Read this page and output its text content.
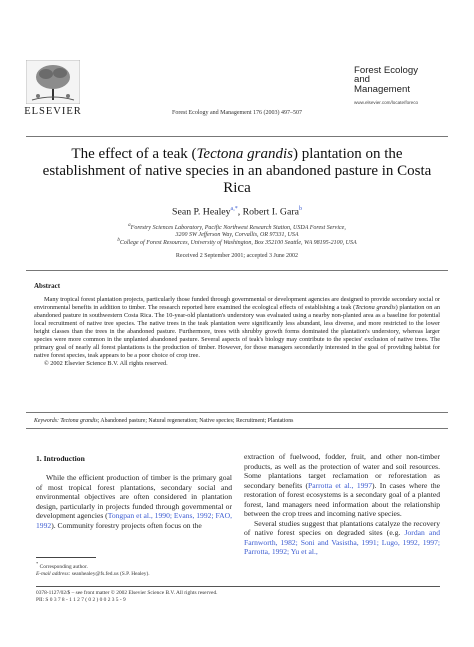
ELSEVIER
Forest Ecology
and
Management
www.elsevier.com/locate/foreco
Forest Ecology and Management 176 (2003) 497–507
The effect of a teak (Tectona grandis) plantation on the establishment of native species in an abandoned pasture in Costa Rica
Sean P. Healey$^{a,*}$, Robert I. Gara$^b$
$^a$Forestry Sciences Laboratory, Pacific Northwest Research Station, USDA Forest Service,
3200 SW Jefferson Way, Corvallis, OR 97331, USA
$^b$College of Forest Resources, University of Washington, Box 352100 Seattle, WA 98195-2100, USA
Received 2 September 2001; accepted 3 June 2002
Abstract
Many tropical forest plantation projects, particularly those funded through governmental or development agencies are designed to provide secondary social or environmental benefits in addition to timber. The research reported here examined the ecological effects of establishing a teak (Tectona grandis) plantation on an abandoned pasture in southwestern Costa Rica. The 10-year-old plantation's understory was evaluated using a nearby non-planted area as a baseline for potential local recruitment of native tree species. The native trees in the teak plantation were significantly less abundant, less diverse, and more restricted to the lower height classes than the trees in the abandoned pasture. Furthermore, trees with shrubby growth forms dominated the plantation's understory, whereas larger species were more common in the unplanted abandoned pasture. Several aspects of teak's biology may contribute to the species' exclusion of native trees. The primary goal of nearly all forest plantations is the production of timber. However, for those managers secondarily interested in the goal of providing habitat for native forest species, teak appears to be a poor choice of crop tree.
© 2002 Elsevier Science B.V. All rights reserved.
Keywords: Tectona grandis; Abandoned pasture; Natural regeneration; Native species; Recruitment; Plantations
1. Introduction
While the efficient production of timber is the primary goal of most tropical forest plantations, secondary social and environmental objectives are often considered in plantation design, particularly in projects funded through governmental or development agencies (Tongpan et al., 1990; Evans, 1992; FAO, 1992). Community forestry projects often focus on the
extraction of fuelwood, fodder, fruit, and other non-timber products, as well as the protection of water and soil resources. Some plantations target reclamation or reforestation as secondary benefits (Parrotta et al., 1997). In cases where the restoration of forest ecosystems is a secondary goal of a planted forest, land managers need information about the relationship between the crop trees and incoming native species.
Several studies suggest that plantations catalyze the recovery of native forest species on degraded sites (e.g. Jordan and Farnworth, 1982; Soni and Vasistha, 1991; Lugo, 1992, 1997; Parrotta, 1992; Yu et al.,
* Corresponding author.
E-mail address: seanhealey@fs.fed.us (S.P. Healey).
0378-1127/02/$ – see front matter © 2002 Elsevier Science B.V. All rights reserved.
PII: S 0 3 7 8 - 1 1 2 7 ( 0 2 ) 0 0 2 3 5 - 9
